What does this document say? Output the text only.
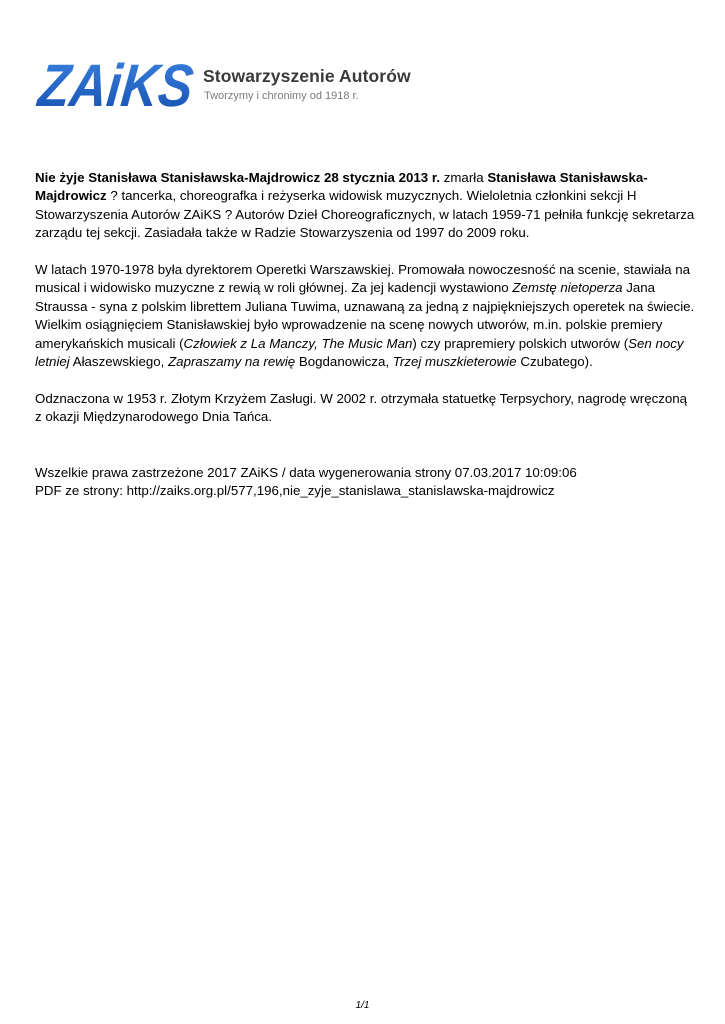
ZAiKS
Stowarzyszenie Autorów
Tworzymy i chronimy od 1918 r.

Nie żyje Stanisława Stanisławska-Majdrowicz 28 stycznia 2013 r. zmarła Stanisława Stanisławska-Majdrowicz ? tancerka, choreografka i reżyserka widowisk muzycznych. Wieloletnia członkini sekcji H Stowarzyszenia Autorów ZAiKS ? Autorów Dzieł Choreograficznych, w latach 1959-71 pełniła funkcję sekretarza zarządu tej sekcji. Zasiadała także w Radzie Stowarzyszenia od 1997 do 2009 roku.

W latach 1970-1978 była dyrektorem Operetki Warszawskiej. Promowała nowoczesność na scenie, stawiała na musical i widowisko muzyczne z rewią w roli głównej. Za jej kadencji wystawiono Zemstę nietoperza Jana Straussa - syna z polskim librettem Juliana Tuwima, uznawaną za jedną z najpiękniejszych operetek na świecie. Wielkim osiągnięciem Stanisławskiej było wprowadzenie na scenę nowych utworów, m.in. polskie premiery amerykańskich musicali (Człowiek z La Manczy, The Music Man) czy prapremiery polskich utworów (Sen nocy letniej Ałaszewskiego, Zapraszamy na rewię Bogdanowicza, Trzej muszkieterowie Czubatego).

Odznaczona w 1953 r. Złotym Krzyżem Zasługi. W 2002 r. otrzymała statuetkę Terpsychory, nagrodę wręczoną z okazji Międzynarodowego Dnia Tańca.

Wszelkie prawa zastrzeżone 2017 ZAiKS / data wygenerowania strony 07.03.2017 10:09:06
PDF ze strony: http://zaiks.org.pl/577,196,nie_zyje_stanislawa_stanislawska-majdrowicz
1/1
